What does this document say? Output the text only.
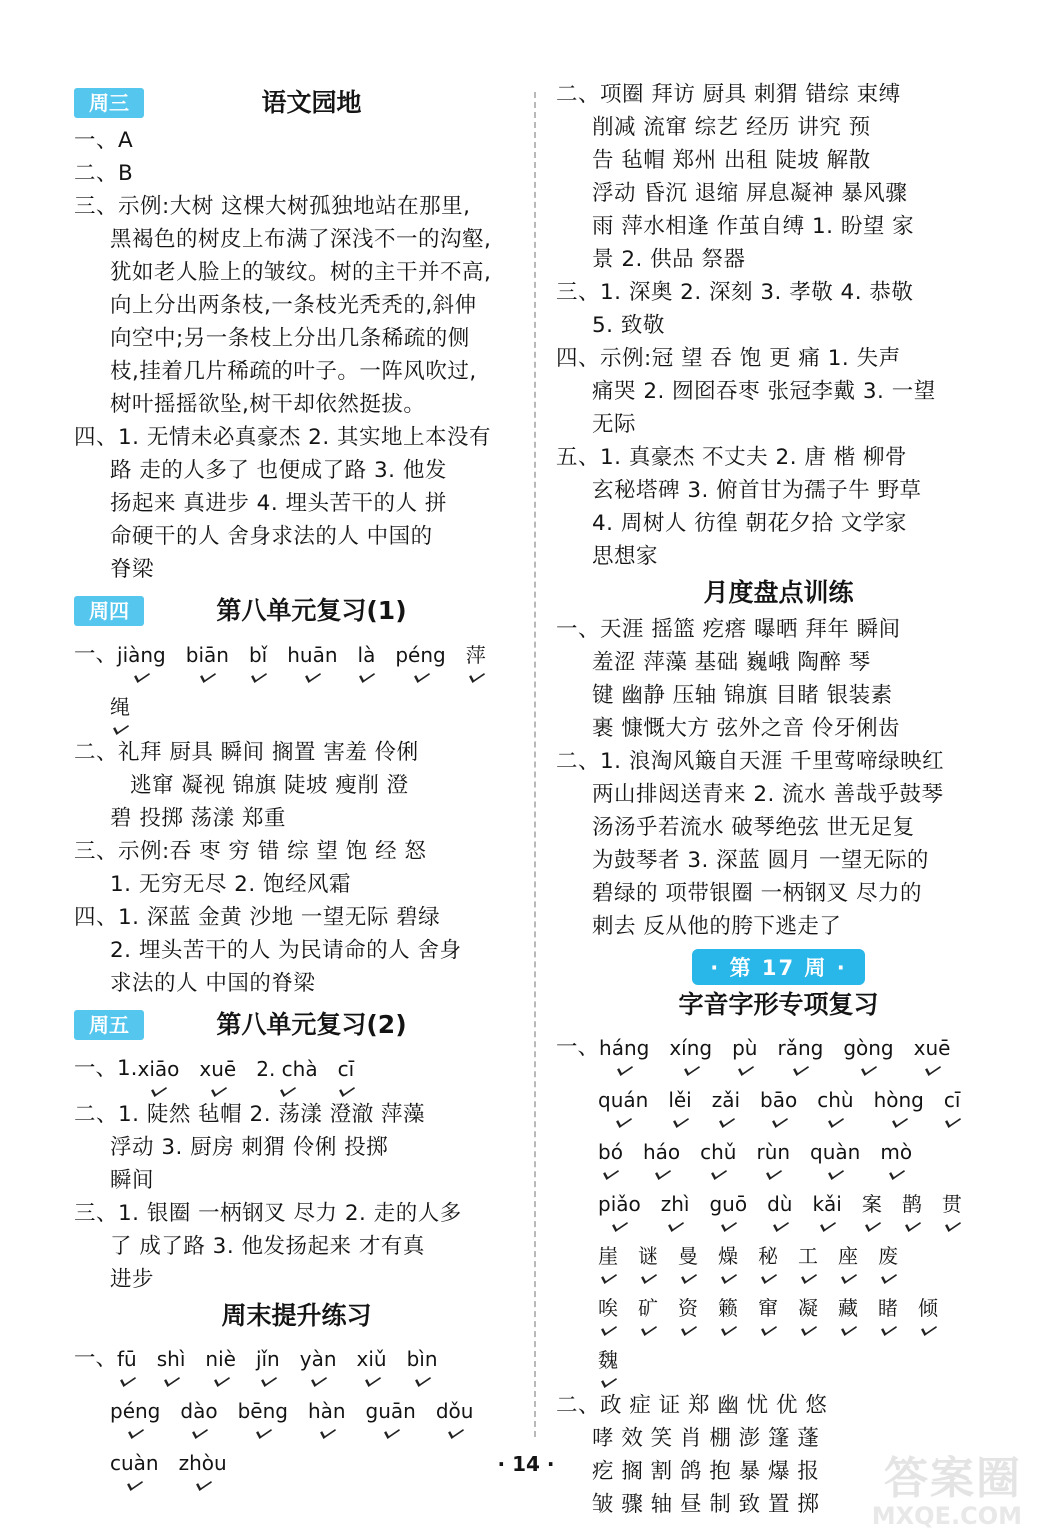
周三	语文园地
一、A
二、B
三、示例:大树 这棵大树孤独地站在那里,
黑褐色的树皮上布满了深浅不一的沟壑,
犹如老人脸上的皱纹。树的主干并不高,
向上分出两条枝,一条枝光秃秃的,斜伸
向空中;另一条枝上分出几条稀疏的侧
枝,挂着几片稀疏的叶子。一阵风吹过,
树叶摇摇欲坠,树干却依然挺拔。
四、1. 无情未必真豪杰 2. 其实地上本没有
路 走的人多了 也便成了路 3. 他发
扬起来 真进步 4. 埋头苦干的人 拼
命硬干的人 舍身求法的人 中国的
脊梁
周四	第八单元复习(1)
一、 jiàng biān bǐ huān là péng 萍
绳
二、礼拜 厨具 瞬间 搁置 害羞 伶俐
逃窜 凝视 锦旗 陡坡 瘦削 澄
碧 投掷 荡漾 郑重
三、示例:吞 枣 穷 错 综 望 饱 经 怒
1. 无穷无尽 2. 饱经风霜
四、1. 深蓝 金黄 沙地 一望无际 碧绿
2. 埋头苦干的人 为民请命的人 舍身
求法的人 中国的脊梁
周五	第八单元复习(2)
一、1. xiāo xuē 2. chà cī
二、1. 陡然 毡帽 2. 荡漾 澄澈 萍藻
浮动 3. 厨房 刺猬 伶俐 投掷
瞬间
三、1. 银圈 一柄钢叉 尽力 2. 走的人多
了 成了路 3. 他发扬起来 才有真
进步
周末提升练习
一、 fū shì niè jǐn yàn xiǔ bìn
péng dào bēng hàn guān dǒu
cuàn zhòu
二、项圈 拜访 厨具 刺猬 错综 束缚
削减 流窜 综艺 经历 讲究 预
告 毡帽 郑州 出租 陡坡 解散
浮动 昏沉 退缩 屏息凝神 暴风骤
雨 萍水相逢 作茧自缚 1. 盼望 家
景 2. 供品 祭器
三、1. 深奥 2. 深刻 3. 孝敬 4. 恭敬
5. 致敬
四、示例:冠 望 吞 饱 更 痛 1. 失声
痛哭 2. 囫囵吞枣 张冠李戴 3. 一望
无际
五、1. 真豪杰 不丈夫 2. 唐 楷 柳骨
玄秘塔碑 3. 俯首甘为孺子牛 野草
4. 周树人 彷徨 朝花夕拾 文学家
思想家
月度盘点训练
一、天涯 摇篮 疙瘩 曝晒 拜年 瞬间
羞涩 萍藻 基础 巍峨 陶醉 琴
键 幽静 压轴 锦旗 目睹 银装素
裹 慷慨大方 弦外之音 伶牙俐齿
二、1. 浪淘风簸自天涯 千里莺啼绿映红
两山排闼送青来 2. 流水 善哉乎鼓琴
汤汤乎若流水 破琴绝弦 世无足复
为鼓琴者 3. 深蓝 圆月 一望无际的
碧绿的 项带银圈 一柄钢叉 尽力的
刺去 反从他的胯下逃走了
· 第 17 周 ·
字音字形专项复习
一、 háng xíng pù rǎng gòng xuē
quán lěi zǎi bāo chù hòng cī
bó háo chǔ rùn quàn mò
piǎo zhì guō dù kǎi 案 鹊 贯
崖 谜 曼 燥 秘 工 座 废
唉 矿 资 籁 窜 凝 藏 睹 倾
魏
二、政 症 证 郑 幽 忧 优 悠
哮 效 笑 肖 棚 澎 篷 蓬
疙 搁 割 鸽 抱 暴 爆 报
皱 骤 轴 昼 制 致 置 掷
· 14 ·	答案圈
MXQE.COM
